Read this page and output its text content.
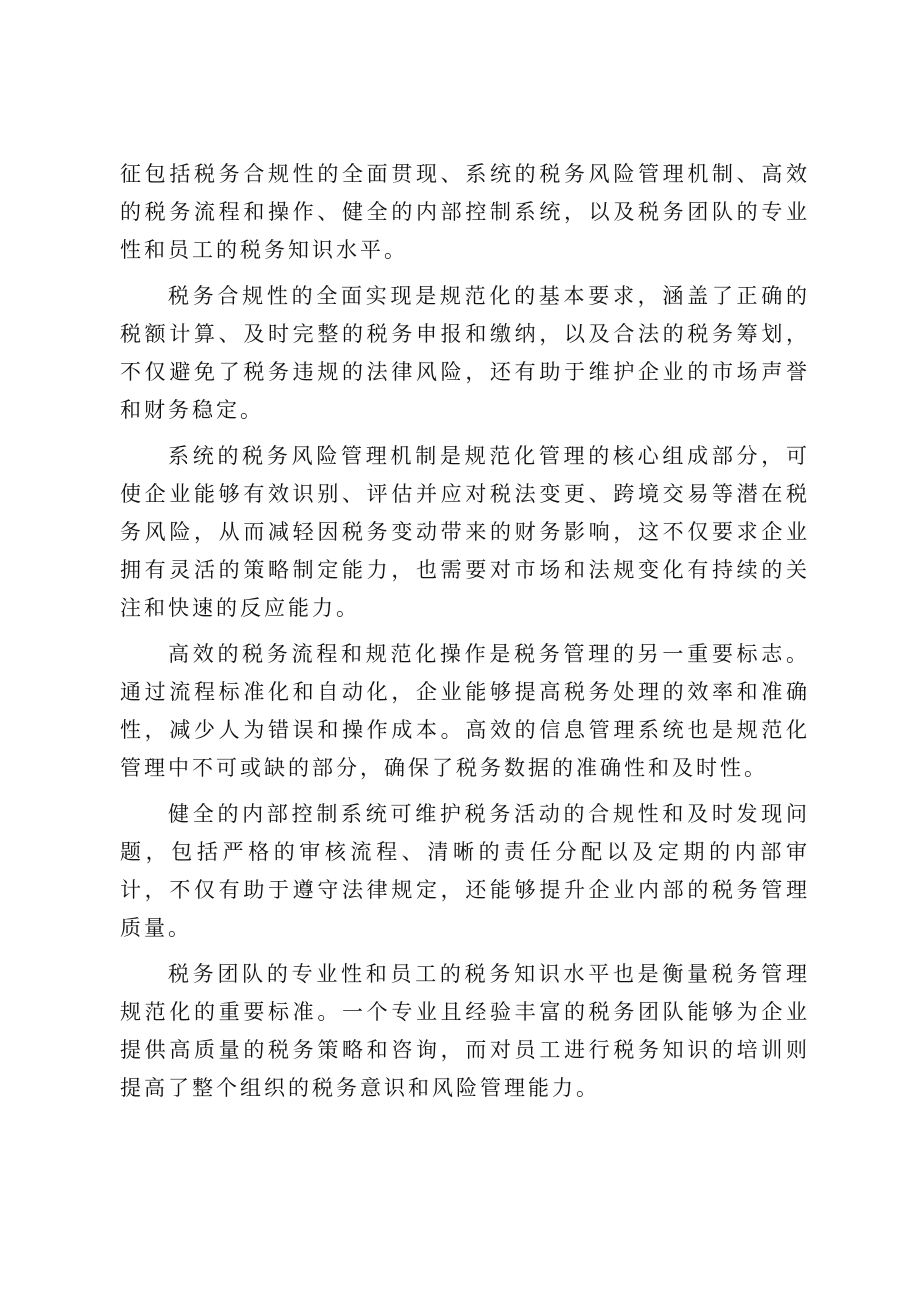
征包括税务合规性的全面贯现、系统的税务风险管理机制、高效的税务流程和操作、健全的内部控制系统，以及税务团队的专业性和员工的税务知识水平。

税务合规性的全面实现是规范化的基本要求，涵盖了正确的税额计算、及时完整的税务申报和缴纳，以及合法的税务筹划，不仅避免了税务违规的法律风险，还有助于维护企业的市场声誉和财务稳定。

系统的税务风险管理机制是规范化管理的核心组成部分，可使企业能够有效识别、评估并应对税法变更、跨境交易等潜在税务风险，从而减轻因税务变动带来的财务影响，这不仅要求企业拥有灵活的策略制定能力，也需要对市场和法规变化有持续的关注和快速的反应能力。

高效的税务流程和规范化操作是税务管理的另一重要标志。通过流程标准化和自动化，企业能够提高税务处理的效率和准确性，减少人为错误和操作成本。高效的信息管理系统也是规范化管理中不可或缺的部分，确保了税务数据的准确性和及时性。

健全的内部控制系统可维护税务活动的合规性和及时发现问题，包括严格的审核流程、清晰的责任分配以及定期的内部审计，不仅有助于遵守法律规定，还能够提升企业内部的税务管理质量。

税务团队的专业性和员工的税务知识水平也是衡量税务管理规范化的重要标准。一个专业且经验丰富的税务团队能够为企业提供高质量的税务策略和咨询，而对员工进行税务知识的培训则提高了整个组织的税务意识和风险管理能力。
